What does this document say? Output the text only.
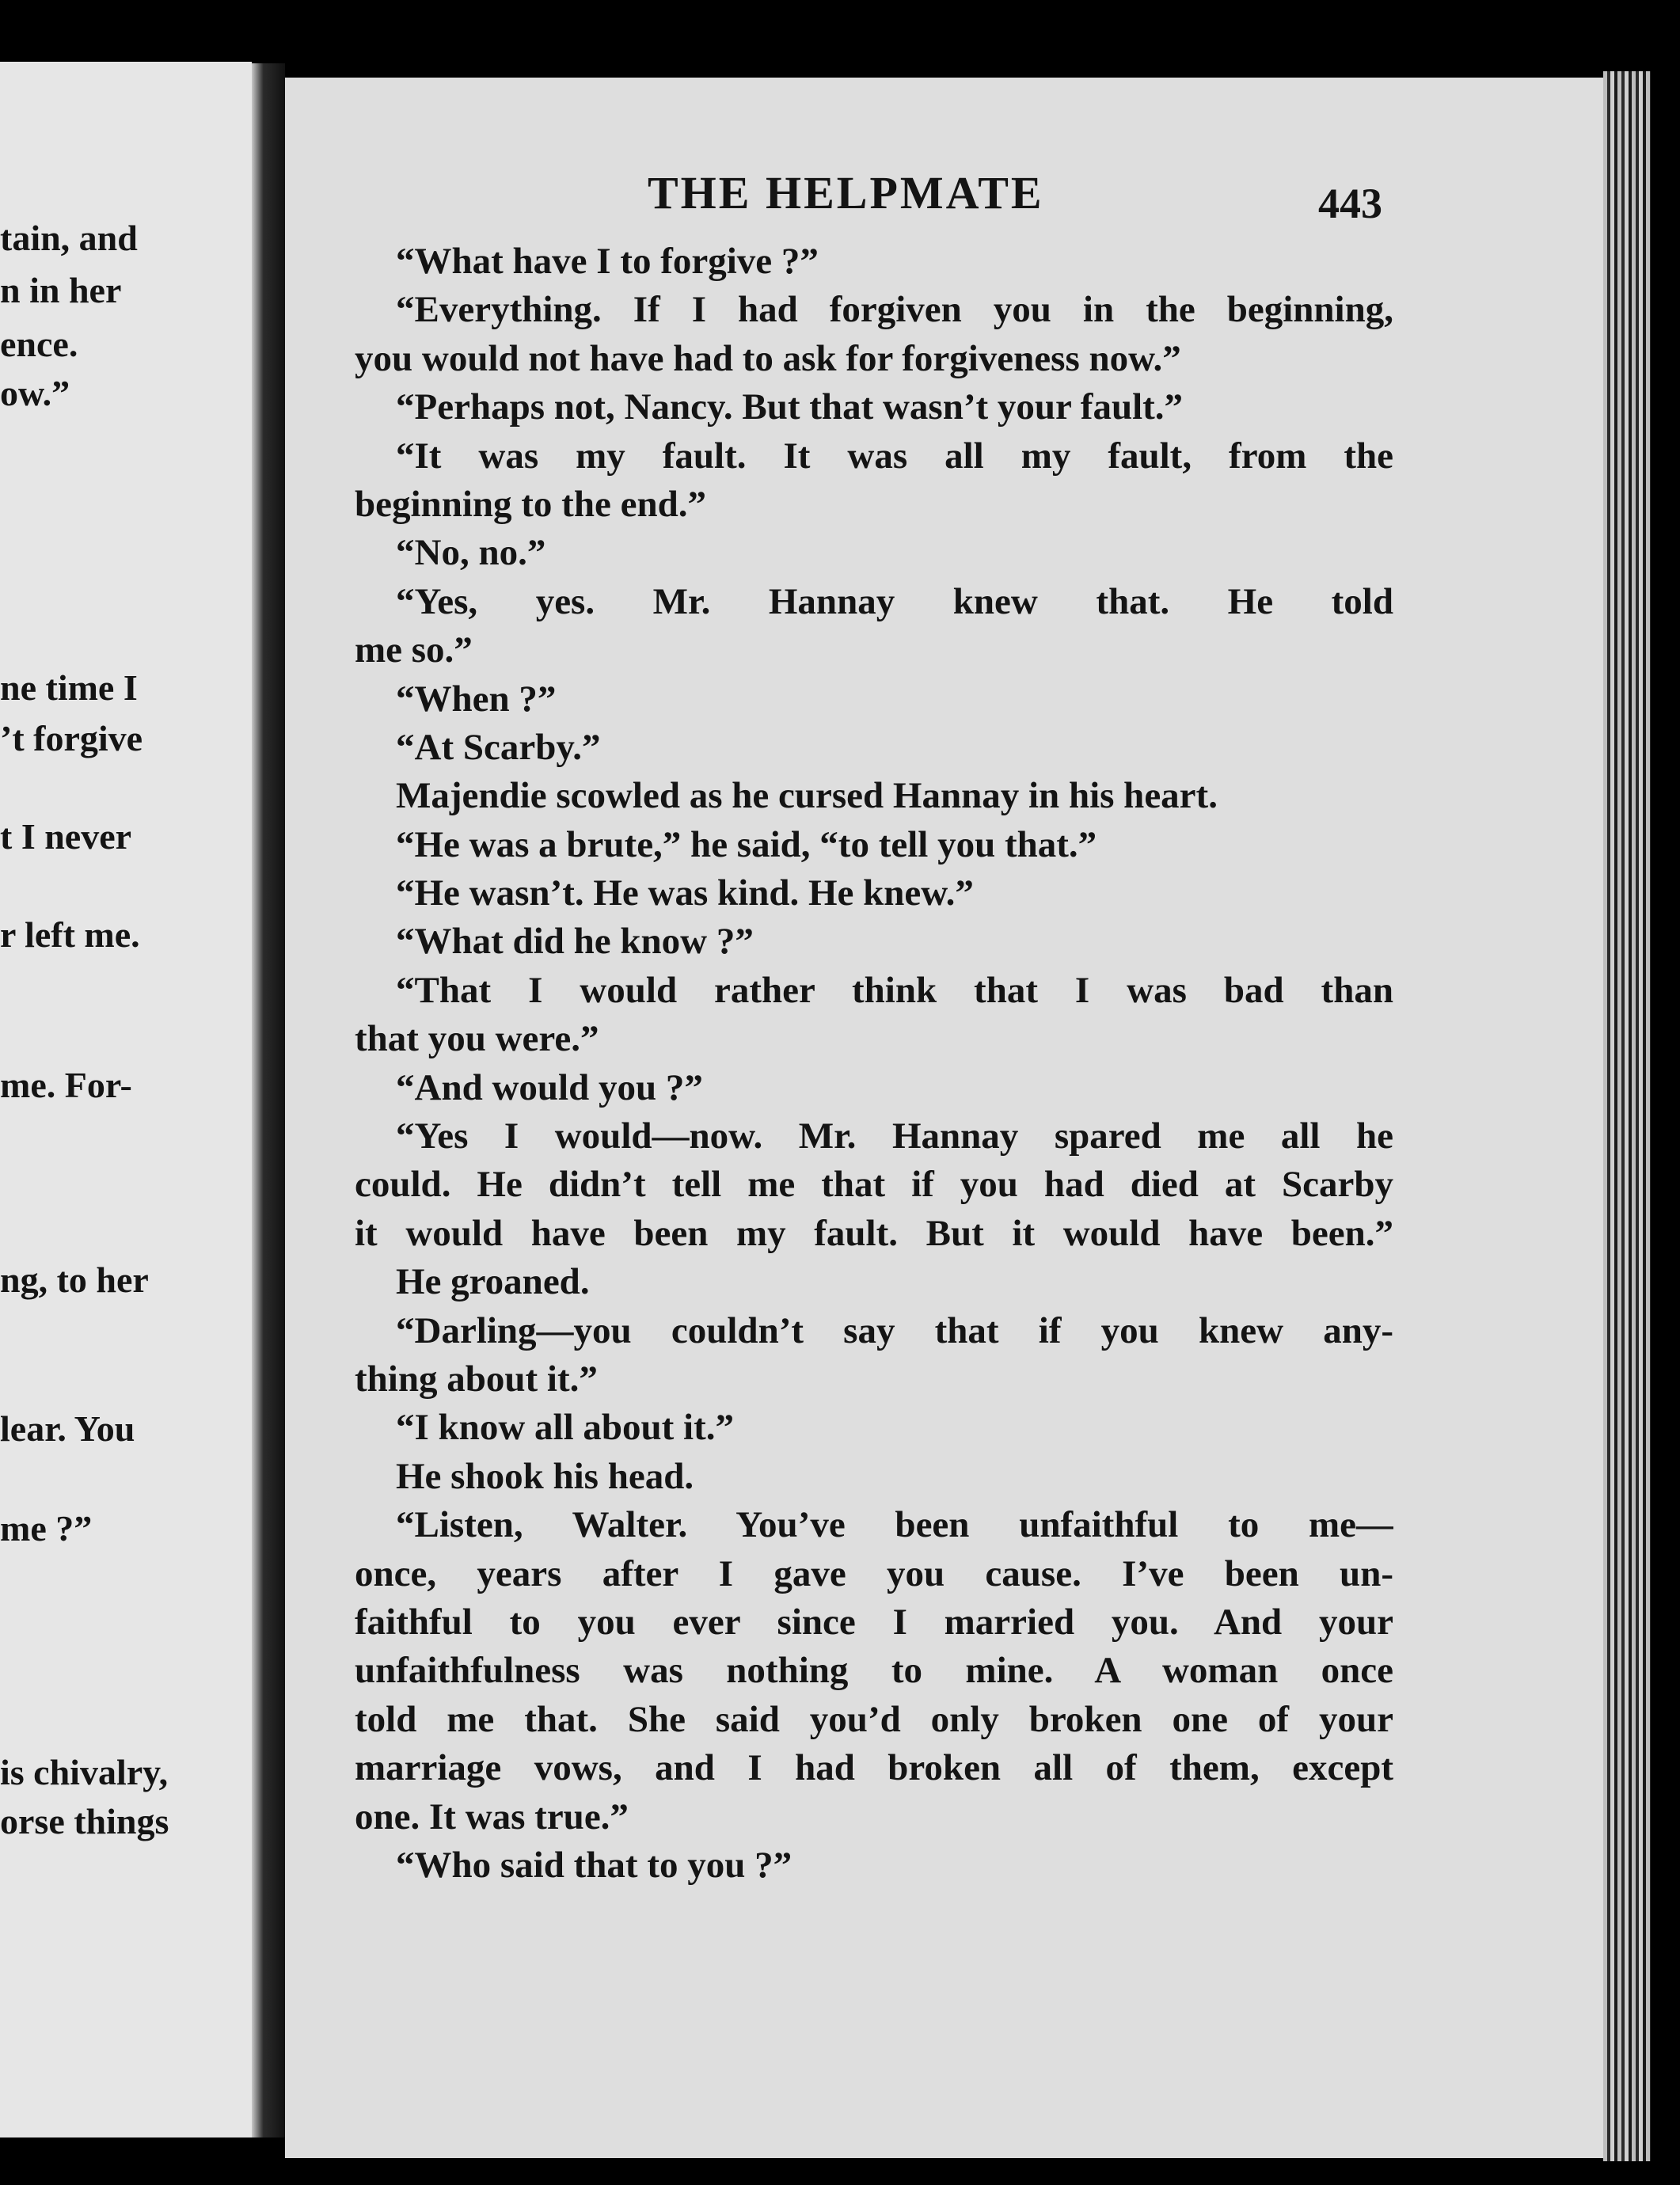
tain, and
n in her
ence.
ow.”
ne time I
’t forgive
t I never
r left me.
me. For-
ng, to her
lear. You
me ?”
is chivalry,
orse things
THE HELPMATE	443
“What have I to forgive ?”
“Everything. If I had forgiven you in the beginning,
you would not have had to ask for forgiveness now.”
“Perhaps not, Nancy. But that wasn’t your fault.”
“It was my fault. It was all my fault, from the
beginning to the end.”
“No, no.”
“Yes, yes. Mr. Hannay knew that. He told
me so.”
“When ?”
“At Scarby.”
Majendie scowled as he cursed Hannay in his heart.
“He was a brute,” he said, “to tell you that.”
“He wasn’t. He was kind. He knew.”
“What did he know ?”
“That I would rather think that I was bad than
that you were.”
“And would you ?”
“Yes I would—now. Mr. Hannay spared me all he
could. He didn’t tell me that if you had died at Scarby
it would have been my fault. But it would have been.”
He groaned.
“Darling—you couldn’t say that if you knew any-
thing about it.”
“I know all about it.”
He shook his head.
“Listen, Walter. You’ve been unfaithful to me—
once, years after I gave you cause. I’ve been un-
faithful to you ever since I married you. And your
unfaithfulness was nothing to mine. A woman once
told me that. She said you’d only broken one of your
marriage vows, and I had broken all of them, except
one. It was true.”
“Who said that to you ?”
